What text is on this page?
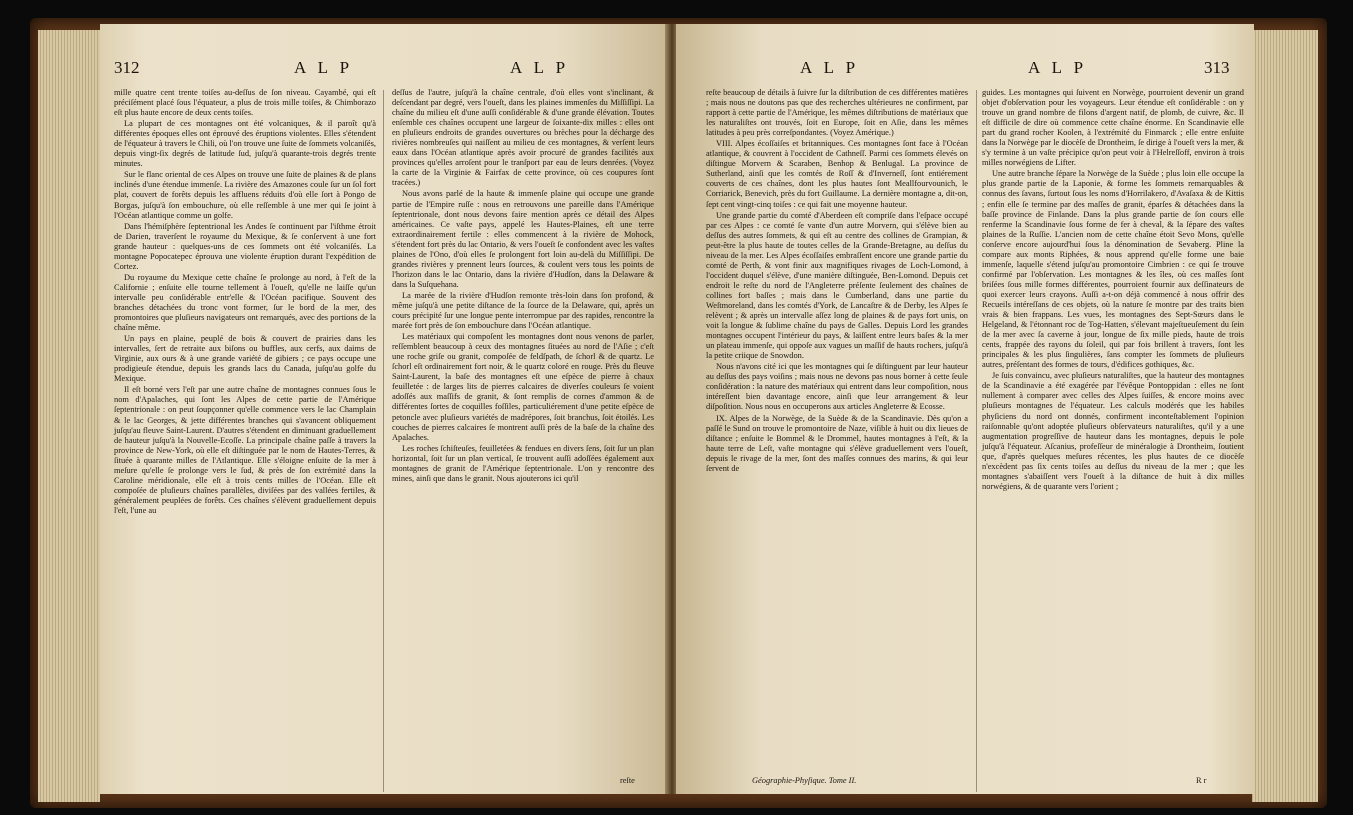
312	A L P	A L P

mille quatre cent trente toiſes au-deſſus de ſon niveau. Cayambé, qui eſt préciſément placé ſous l'équateur, a plus de trois mille toiſes, & Chimborazo eſt plus haute encore de deux cents toiſes.

La plupart de ces montagnes ont été volcaniques, & il paroît qu'à différentes époques elles ont éprouvé des éruptions violentes. Elles s'étendent de l'équateur à travers le Chili, où l'on trouve une ſuite de ſommets volcaniſés, depuis vingt-ſix degrés de latitude ſud, juſqu'à quarante-trois degrés trente minutes.

Sur le flanc oriental de ces Alpes on trouve une ſuite de plaines & de plans inclinés d'une étendue immenſe. La rivière des Amazones coule ſur un ſol fort plat, couvert de forêts depuis les affluens réduits d'où elle ſort à Pongo de Borgas, juſqu'à ſon embouchure, où elle reſſemble à une mer qui ſe joint à l'Océan atlantique comme un golfe.

Dans l'hémiſphère ſeptentrional les Andes ſe continuent par l'iſthme étroit de Darien, traverſent le royaume du Mexique, & ſe conſervent à une fort grande hauteur : quelques-uns de ces ſommets ont été volcaniſés. La montagne Popocatepec éprouva une violente éruption durant l'expédition de Cortez.

Du royaume du Mexique cette chaîne ſe prolonge au nord, à l'eſt de la Californie ; enſuite elle tourne tellement à l'oueſt, qu'elle ne laiſſe qu'un intervalle peu conſidérable entr'elle & l'Océan pacifique. Souvent des branches détachées du tronc vont former, ſur le bord de la mer, des promontoires que pluſieurs navigateurs ont remarqués, avec des portions de la chaîne même.

Un pays en plaine, peuplé de bois & couvert de prairies dans les intervalles, ſert de retraite aux biſons ou buffles, aux cerfs, aux daims de Virginie, aux ours & à une grande variété de gibiers ; ce pays occupe une prodigieuſe étendue, depuis les grands lacs du Canada, juſqu'au golfe du Mexique.

Il eſt borné vers l'eſt par une autre chaîne de montagnes connues ſous le nom d'Apalaches, qui ſont les Alpes de cette partie de l'Amérique ſeptentrionale : on peut ſoupçonner qu'elle commence vers le lac Champlain & le lac Georges, & jette différentes branches qui s'avancent obliquement juſqu'au fleuve Saint-Laurent. D'autres s'étendent en diminuant graduellement de hauteur juſqu'à la Nouvelle-Ecoſſe. La principale chaîne paſſe à travers la province de New-York, où elle eſt diſtinguée par le nom de Hautes-Terres, & ſituée à quarante milles de l'Atlantique. Elle s'éloigne enſuite de la mer à meſure qu'elle ſe prolonge vers le ſud, & près de ſon extrémité dans la Caroline méridionale, elle eſt à trois cents milles de l'Océan. Elle eſt compoſée de pluſieurs chaînes parallèles, diviſées par des vallées fertiles, & généralement peuplées de forêts. Ces chaînes s'élèvent graduellement depuis l'eſt, l'une au

deſſus de l'autre, juſqu'à la chaîne centrale, d'où elles vont s'inclinant, & deſcendant par degré, vers l'oueſt, dans les plaines immenſes du Miſſiſſipi. La chaîne du milieu eſt d'une auſſi conſidérable & d'une grande élévation. Toutes enſemble ces chaînes occupent une largeur de ſoixante-dix milles : elles ont en pluſieurs endroits de grandes ouvertures ou brèches pour la décharge des rivières nombreuſes qui naiſſent au milieu de ces montagnes, & verſent leurs eaux dans l'Océan atlantique après avoir procuré de grandes facilités aux provinces qu'elles arroſent pour le tranſport par eau de leurs denrées. (Voyez la carte de la Virginie & Fairfax de cette province, où ces coupures ſont tracées.)

Nous avons parlé de la haute & immenſe plaine qui occupe une grande partie de l'Empire ruſſe : nous en retrouvons une pareille dans l'Amérique ſeptentrionale, dont nous devons faire mention après ce détail des Alpes américaines. Ce vaſte pays, appelé les Hautes-Plaines, eſt une terre extraordinairement fertile : elles commencent à la rivière de Mohock, s'étendent fort près du lac Ontario, & vers l'oueſt ſe confondent avec les vaſtes plaines de l'Ono, d'où elles ſe prolongent fort loin au-delà du Miſſiſſipi. De grandes rivières y prennent leurs ſources, & coulent vers tous les points de l'horizon dans le lac Ontario, dans la rivière d'Hudſon, dans la Delaware & dans la Suſquehana.

La marée de la rivière d'Hudſon remonte très-loin dans ſon profond, & même juſqu'à une petite diſtance de la ſource de la Delaware, qui, après un cours précipité ſur une longue pente interrompue par des rapides, rencontre la marée fort près de ſon embouchure dans l'Océan atlantique.

Les matériaux qui compoſent les montagnes dont nous venons de parler, reſſemblent beaucoup à ceux des montagnes ſituées au nord de l'Aſie ; c'eſt une roche griſe ou granit, compoſée de feldſpath, de ſchorl & de quartz. Le ſchorl eſt ordinairement fort noir, & le quartz coloré en rouge. Près du fleuve Saint-Laurent, la baſe des montagnes eſt une eſpèce de pierre à chaux feuilletée : de larges lits de pierres calcaires de diverſes couleurs ſe voient adoſſés aux maſſifs de granit, & ſont remplis de cornes d'ammon & de différentes ſortes de coquilles foſſiles, particuliérement d'une petite eſpèce de petoncle avec pluſieurs variétés de madrépores, ſoit branchus, ſoit étoilés. Les couches de pierres calcaires ſe montrent auſſi près de la baſe de la chaîne des Apalaches.

Les roches ſchiſteuſes, feuilletées & fendues en divers ſens, ſoit ſur un plan horizontal, ſoit ſur un plan vertical, ſe trouvent auſſi adoſſées également aux montagnes de granit de l'Amérique ſeptentrionale. L'on y rencontre des mines, ainſi que dans le granit. Nous ajouterons ici qu'il

reſte
A L P	A L P	313

reſte beaucoup de détails à ſuivre ſur la diſtribution de ces différentes matières ; mais nous ne doutons pas que des recherches ultérieures ne confirment, par rapport à cette partie de l'Amérique, les mêmes diſtributions de matériaux que les naturaliſtes ont trouvés, ſoit en Europe, ſoit en Aſie, dans les mêmes latitudes à peu près correſpondantes. (Voyez Amérique.)

VIII. Alpes écoſſaiſes et britanniques. Ces montagnes ſont face à l'Océan atlantique, & couvrent à l'occident de Cathneſſ. Parmi ces ſommets élevés on diſtingue Morvern & Scaraben, Benhop & Benlugal. La province de Sutherland, ainſi que les comtés de Roſſ & d'Inverneſſ, ſont entiérement couverts de ces chaînes, dont les plus hautes ſont Meallfourvounich, le Corriarick, Benevich, près du fort Guillaume. La dernière montagne a, dit-on, ſept cent vingt-cinq toiſes : ce qui fait une moyenne hauteur.

Une grande partie du comté d'Aberdeen eſt compriſe dans l'eſpace occupé par ces Alpes : ce comté ſe vante d'un autre Morvern, qui s'élève bien au deſſus des autres ſommets, & qui eſt au centre des collines de Grampian, & peut-être la plus haute de toutes celles de la Grande-Bretagne, au deſſus du niveau de la mer. Les Alpes écoſſaiſes embraſſent encore une grande partie du comté de Perth, & vont finir aux magnifiques rivages de Loch-Lomond, à l'occident duquel s'élève, d'une manière diſtinguée, Ben-Lomond. Depuis cet endroit le reſte du nord de l'Angleterre préſente ſeulement des chaînes de collines fort baſſes ; mais dans le Cumberland, dans une partie du Weſtmoreland, dans les comtés d'York, de Lancaſtre & de Derby, les Alpes ſe relèvent ; & après un intervalle aſſez long de plaines & de pays fort unis, on voit la longue & ſublime chaîne du pays de Galles. Depuis Lord les grandes montagnes occupent l'intérieur du pays, & laiſſent entre leurs baſes & la mer un plateau immenſe, qui oppoſe aux vagues un maſſif de hauts rochers, juſqu'à la petite criique de Snowdon.

Nous n'avons cité ici que les montagnes qui ſe diſtinguent par leur hauteur au deſſus des pays voiſins ; mais nous ne devons pas nous borner à cette ſeule conſidération : la nature des matériaux qui entrent dans leur compoſition, nous intéreſſent bien davantage encore, ainſi que leur arrangement & leur diſpoſition. Nous nous en occuperons aux articles Angleterre & Ecosse.

IX. Alpes de la Norwège, de la Suède & de la Scandinavie. Dès qu'on a paſſé le Sund on trouve le promontoire de Naze, viſible à huit ou dix lieues de diſtance ; enſuite le Bommel & le Drommel, hautes montagnes à l'eſt, & la haute terre de Leſt, vaſte montagne qui s'élève graduellement vers l'oueſt, depuis le rivage de la mer, ſont des maſſes connues des marins, & qui leur ſervent de

guides. Les montagnes qui ſuivent en Norwège, pourroient devenir un grand objet d'obſervation pour les voyageurs. Leur étendue eſt conſidérable : on y trouve un grand nombre de filons d'argent natif, de plomb, de cuivre, &c. Il eſt difficile de dire où commence cette chaîne énorme. En Scandinavie elle part du grand rocher Koolen, à l'extrémité du Finmarck ; elle entre enſuite dans la Norwège par le diocèſe de Drontheim, ſe dirige à l'oueſt vers la mer, & s'y termine à un vaſte précipice qu'on peut voir à l'Helreſſoff, environ à trois milles norwégiens de Lifter.

Une autre branche ſépare la Norwège de la Suède ; plus loin elle occupe la plus grande partie de la Laponie, & forme les ſommets remarquables & connus des ſavans, ſurtout ſous les noms d'Horrilakero, d'Avaſaxa & de Kittis ; enfin elle ſe termine par des maſſes de granit, éparſes & détachées dans la baſſe province de Finlande. Dans la plus grande partie de ſon cours elle renferme la Scandinavie ſous forme de fer à cheval, & la ſépare des vaſtes plaines de la Ruſſie. L'ancien nom de cette chaîne étoit Sevo Mons, qu'elle conſerve encore aujourd'hui ſous la dénomination de Sevaberg. Pline la compare aux monts Riphées, & nous apprend qu'elle forme une baie immenſe, laquelle s'étend juſqu'au promontoire Cimbrien : ce qui ſe trouve confirmé par l'obſervation. Les montagnes & les îles, où ces maſſes ſont briſées ſous mille formes différentes, pourroient fournir aux deſſinateurs de quoi exercer leurs crayons. Auſſi a-t-on déjà commencé à nous offrir des Recueils intéreſſans de ces objets, où la nature ſe montre par des traits bien vrais & bien frappans. Les vues, les montagnes des Sept-Sœurs dans le Helgeland, & l'étonnant roc de Tog-Hatten, s'élevant majeſtueuſement du ſein de la mer avec ſa caverne à jour, longue de ſix mille pieds, haute de trois cents, frappée des rayons du ſoleil, qui par fois brillent à travers, ſont les principales & les plus ſingulières, ſans compter les ſommets de pluſieurs autres, préſentant des formes de tours, d'édifices gothiques, &c.

Je ſuis convaincu, avec pluſieurs naturaliſtes, que la hauteur des montagnes de la Scandinavie a été exagérée par l'évêque Pontoppidan : elles ne ſont nullement à comparer avec celles des Alpes ſuiſſes, & encore moins avec pluſieurs montagnes de l'équateur. Les calculs modérés que les habiles phyſiciens du nord ont donnés, confirment inconteſtablement l'opinion raiſonnable qu'ont adoptée pluſieurs obſervateurs naturaliſtes, qu'il y a une augmentation progreſſive de hauteur dans les montagnes, depuis le pole juſqu'à l'équateur. Aſcanius, profeſſeur de minéralogie à Drontheim, ſoutient que, d'après quelques meſures récentes, les plus hautes de ce diocèſe n'excèdent pas ſix cents toiſes au deſſus du niveau de la mer ; que les montagnes s'abaiſſent vers l'oueſt à la diſtance de huit à dix milles norwégiens, & de quarante vers l'orient ;

Géographie-Phyſique. Tome II.	R r
